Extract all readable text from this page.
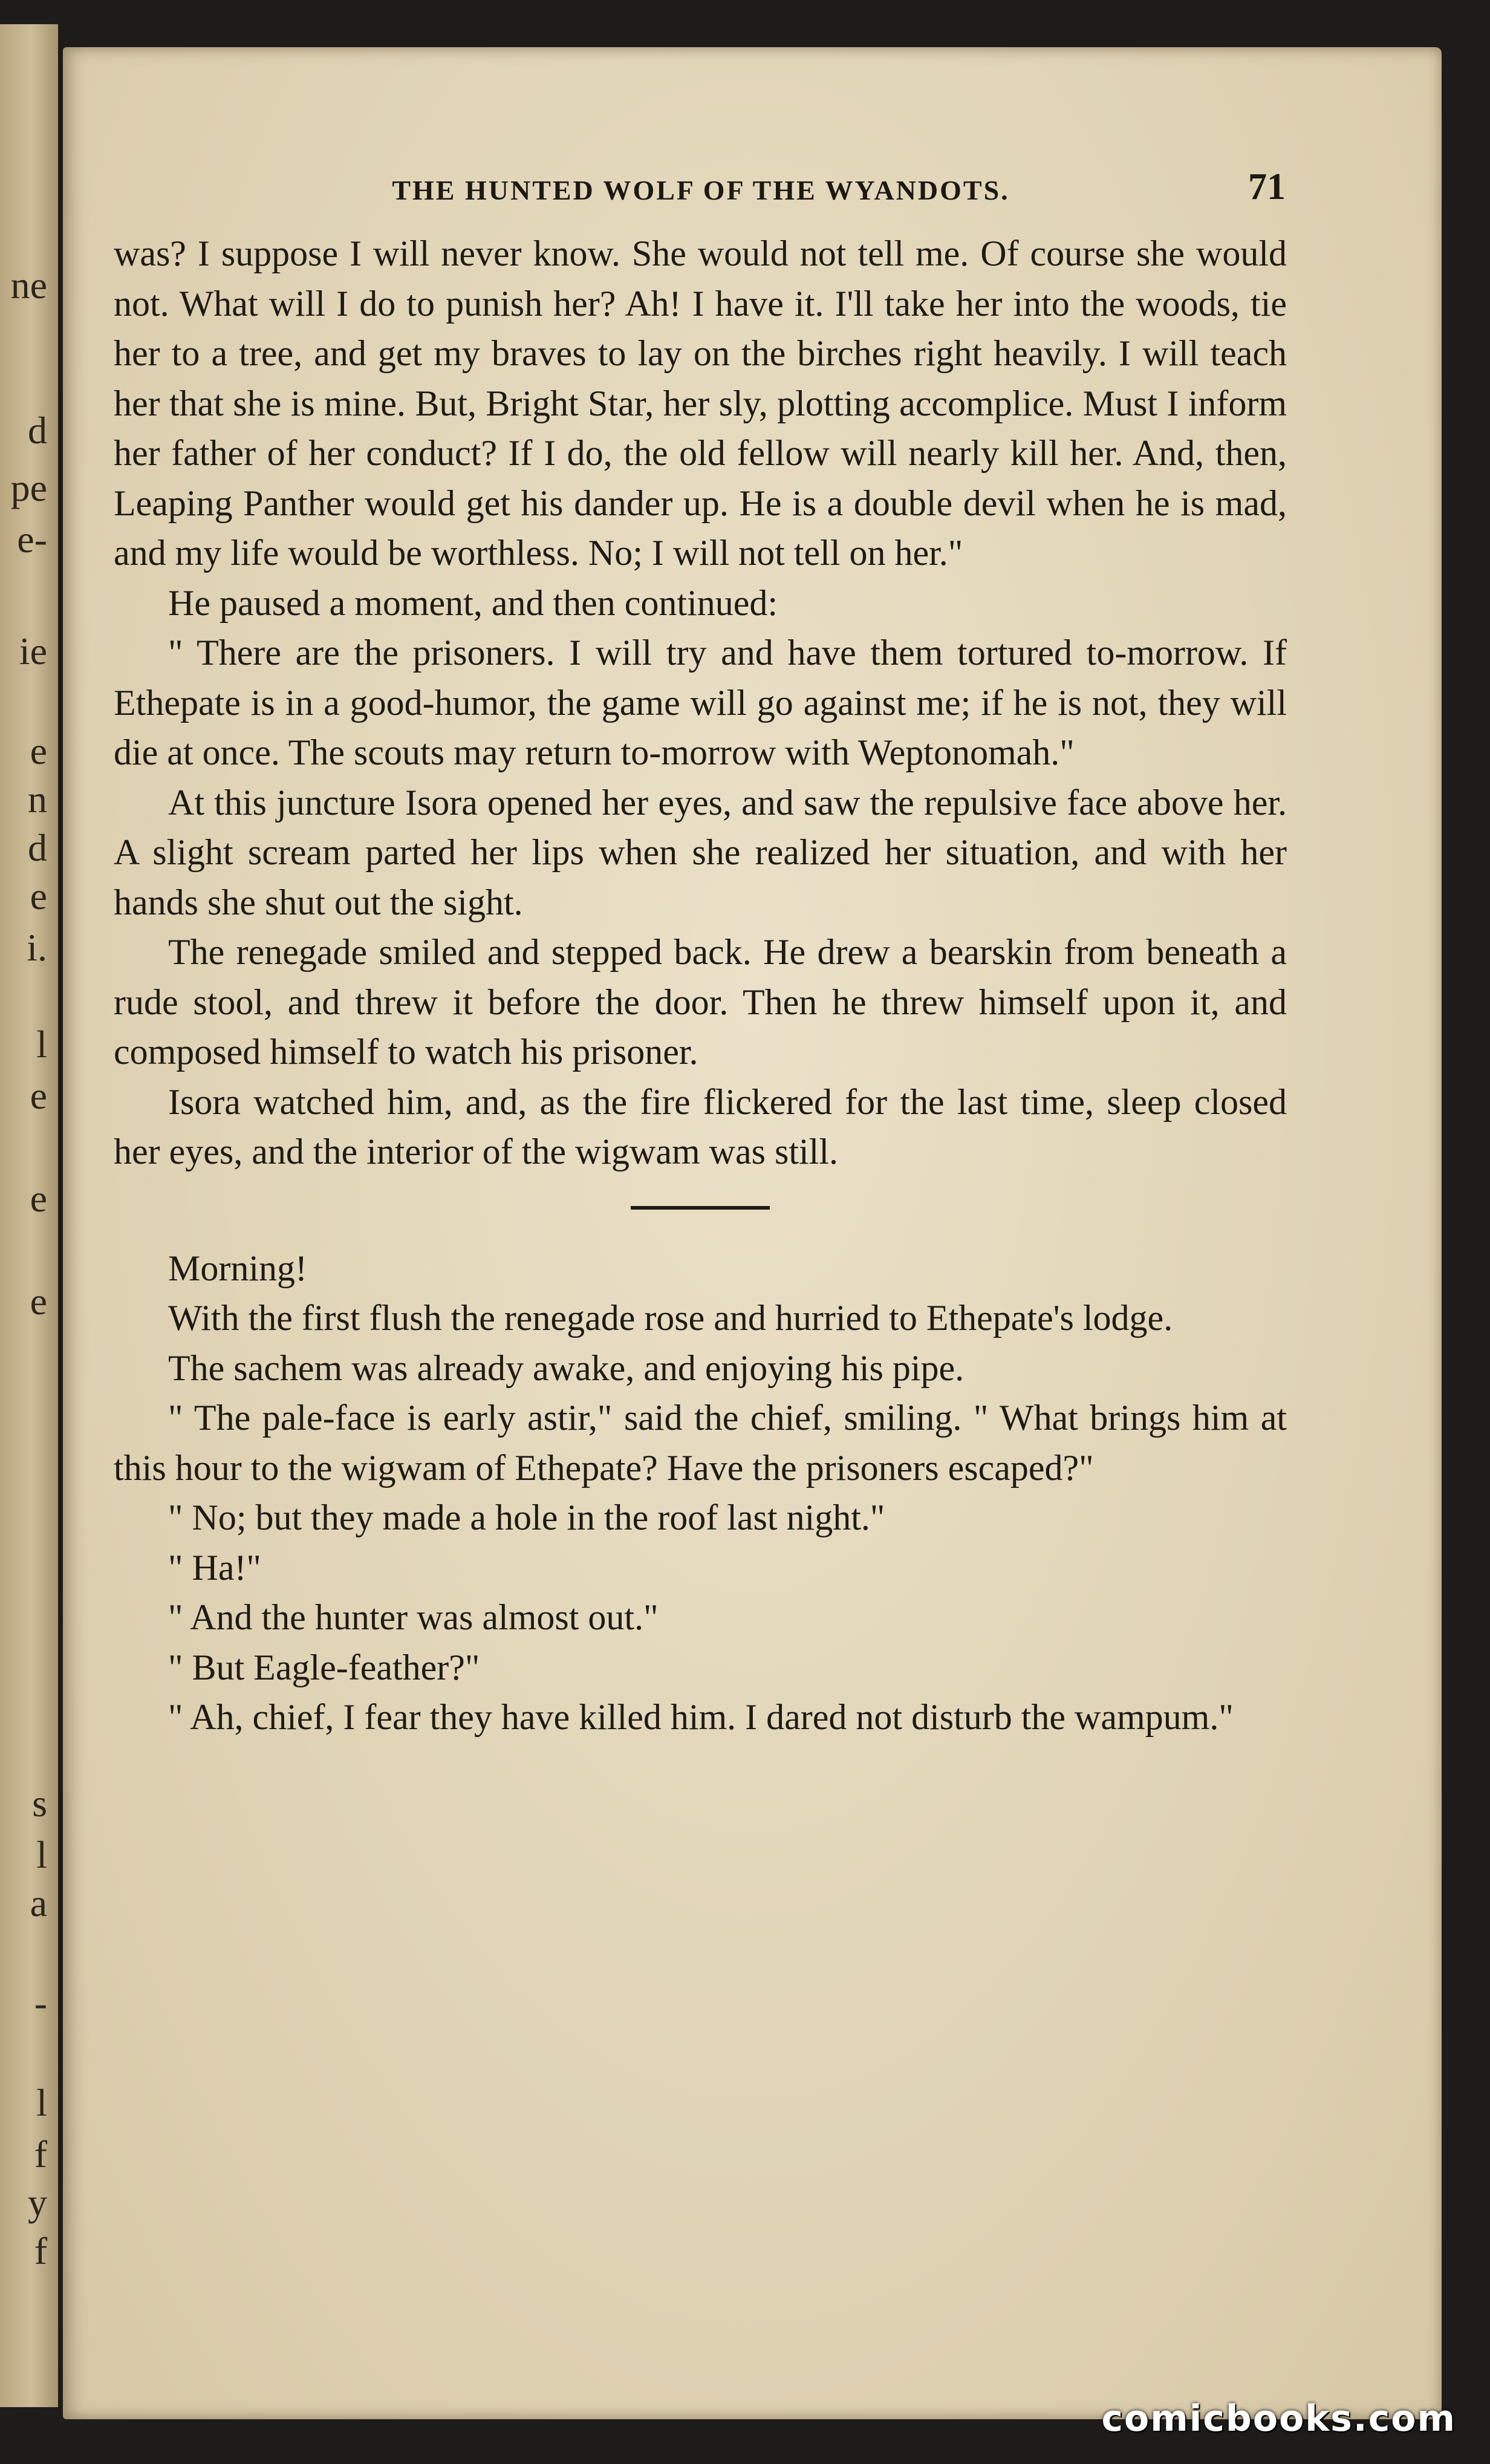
ne
d
pe
e-
ie
e
n
d
e
i.
l
e
e
e
s
l
a
-
l
f
y
f
THE HUNTED WOLF OF THE WYANDOTS.	71

was? I suppose I will never know. She would not tell me. Of course she would not. What will I do to punish her? Ah! I have it. I'll take her into the woods, tie her to a tree, and get my braves to lay on the birches right heavily. I will teach her that she is mine. But, Bright Star, her sly, plotting accomplice. Must I inform her father of her conduct? If I do, the old fellow will nearly kill her. And, then, Leaping Panther would get his dander up. He is a double devil when he is mad, and my life would be worthless. No; I will not tell on her."

He paused a moment, and then continued:

" There are the prisoners. I will try and have them tortured to-morrow. If Ethepate is in a good-humor, the game will go against me; if he is not, they will die at once. The scouts may return to-morrow with Weptonomah."

At this juncture Isora opened her eyes, and saw the repulsive face above her. A slight scream parted her lips when she realized her situation, and with her hands she shut out the sight.

The renegade smiled and stepped back. He drew a bearskin from beneath a rude stool, and threw it before the door. Then he threw himself upon it, and composed himself to watch his prisoner.

Isora watched him, and, as the fire flickered for the last time, sleep closed her eyes, and the interior of the wigwam was still.

Morning!

With the first flush the renegade rose and hurried to Ethepate's lodge.

The sachem was already awake, and enjoying his pipe.

" The pale-face is early astir," said the chief, smiling. " What brings him at this hour to the wigwam of Ethepate? Have the prisoners escaped?"

" No; but they made a hole in the roof last night."

" Ha!"

" And the hunter was almost out."

" But Eagle-feather?"

" Ah, chief, I fear they have killed him. I dared not disturb the wampum."

comicbooks.com
